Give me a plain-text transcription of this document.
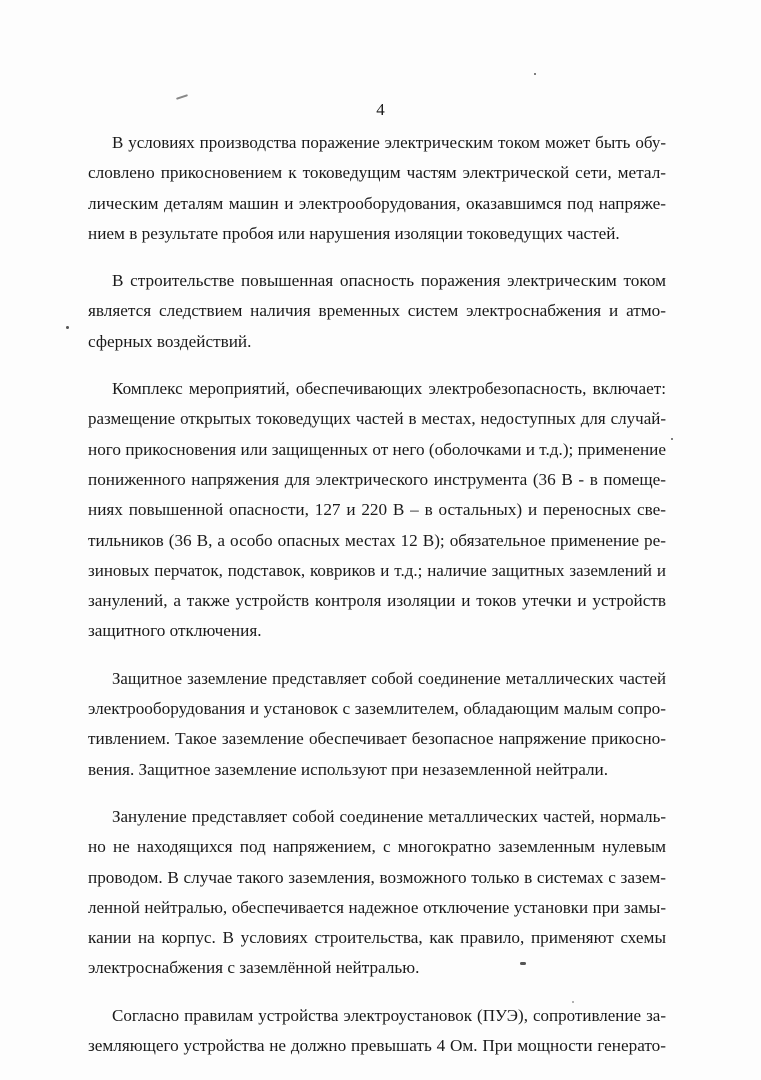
4

В условиях производства поражение электрическим током может быть обу-
словлено прикосновением к токоведущим частям электрической сети, метал-
лическим деталям машин и электрооборудования, оказавшимся под напряже-
нием в результате пробоя или нарушения изоляции токоведущих частей.

В строительстве повышенная опасность поражения электрическим током
является следствием наличия временных систем электроснабжения и атмо-
сферных воздействий.

Комплекс мероприятий, обеспечивающих электробезопасность, включает:
размещение открытых токоведущих частей в местах, недоступных для случай-
ного прикосновения или защищенных от него (оболочками и т.д.); применение
пониженного напряжения для электрического инструмента (36 В - в помеще-
ниях повышенной опасности, 127 и 220 В – в остальных) и переносных све-
тильников (36 В, а особо опасных местах 12 В); обязательное применение ре-
зиновых перчаток, подставок, ковриков и т.д.; наличие защитных заземлений и
занулений, а также устройств контроля изоляции и токов утечки и устройств
защитного отключения.

Защитное заземление представляет собой соединение металлических частей
электрооборудования и установок с заземлителем, обладающим малым сопро-
тивлением. Такое заземление обеспечивает безопасное напряжение прикосно-
вения. Защитное заземление используют при незаземленной нейтрали.

Зануление представляет собой соединение металлических частей, нормаль-
но не находящихся под напряжением, с многократно заземленным нулевым
проводом. В случае такого заземления, возможного только в системах с зазем-
ленной нейтралью, обеспечивается надежное отключение установки при замы-
кании на корпус. В условиях строительства, как правило, применяют схемы
электроснабжения с заземлённой нейтралью.

Согласно правилам устройства электроустановок (ПУЭ), сопротивление за-
земляющего устройства не должно превышать 4 Ом. При мощности генерато-
